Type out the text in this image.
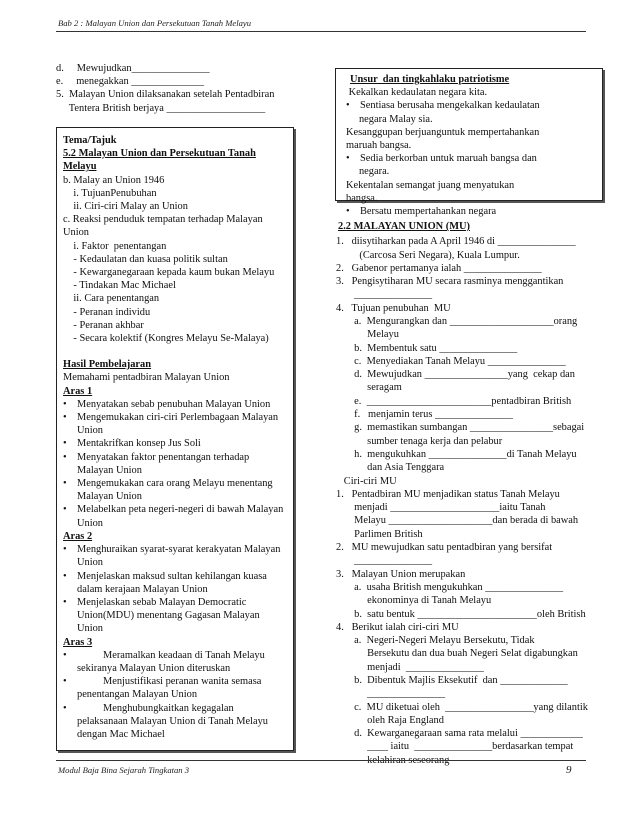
Bab 2 : Malayan Union dan Persekutuan Tanah Melayu
d.     Mewujudkan_______________
e.     menegakkan ______________
5.  Malayan Union dilaksanakan setelah Pentadbiran
Tentera British berjaya ___________________
Tema/Tajuk
5.2 Malayan Union dan Persekutuan Tanah
Melayu
b. Malay an Union 1946
i. TujuanPenubuhan
ii. Ciri-ciri Malay an Union
c. Reaksi penduduk tempatan terhadap Malayan
Union
i. Faktor  penentangan
- Kedaulatan dan kuasa politik sultan
- Kewarganegaraan kepada kaum bukan Melayu
- Tindakan Mac Michael
ii. Cara penentangan
- Peranan individu
- Peranan akhbar
- Secara kolektif (Kongres Melayu Se-Malaya)
Hasil Pembelajaran
Memahami pentadbiran Malayan Union
Aras 1
• Menyatakan sebab penubuhan Malayan Union
• Mengemukakan ciri-ciri Perlembagaan Malayan
Union
• Mentakrifkan konsep Jus Soli
• Menyatakan faktor penentangan terhadap
Malayan Union
• Mengemukakan cara orang Melayu menentang
Malayan Union
• Melabelkan peta negeri-negeri di bawah Malayan
Union
Aras 2
• Menghuraikan syarat-syarat kerakyatan Malayan
Union
• Menjelaskan maksud sultan kehilangan kuasa
dalam kerajaan Malayan Union
• Menjelaskan sebab Malayan Democratic
Union(MDU) menentang Gagasan Malayan
Union
Aras 3
•           Meramalkan keadaan di Tanah Melayu
sekiranya Malayan Union diteruskan
•           Menjustifikasi peranan wanita semasa
penentangan Malayan Union
•           Menghubungkaitkan kegagalan
pelaksanaan Malayan Union di Tanah Melayu
dengan Mac Michael
Unsur  dan tingkahlaku patriotisme
Kekalkan kedaulatan negara kita.
• Sentiasa berusaha mengekalkan kedaulatan
negara Malay sia.
Kesanggupan berjuanguntuk mempertahankan
maruah bangsa.
• Sedia berkorban untuk maruah bangsa dan
negara.
Kekentalan semangat juang menyatukan
bangsa.
• Bersatu mempertahankan negara
2.2 MALAYAN UNION (MU)
1.   diisytiharkan pada A April 1946 di _______________
(Carcosa Seri Negara), Kuala Lumpur.
2.   Gabenor pertamanya ialah _______________
3.   Pengisytiharan MU secara rasminya menggantikan
_______________
4.   Tujuan penubuhan  MU
a.  Mengurangkan dan ____________________orang
Melayu
b.  Membentuk satu _______________
c.  Menyediakan Tanah Melayu _______________
d.  Mewujudkan ________________yang  cekap dan
seragam
e.  ________________________pentadbiran British
f.   menjamin terus _______________
g.  memastikan sumbangan ________________sebagai
sumber tenaga kerja dan pelabur
h.  mengukuhkan _______________di Tanah Melayu
dan Asia Tenggara
Ciri-ciri MU
1.   Pentadbiran MU menjadikan status Tanah Melayu
menjadi _____________________iaitu Tanah
Melayu ____________________dan berada di bawah
Parlimen British
2.   MU mewujudkan satu pentadbiran yang bersifat
_______________
3.   Malayan Union merupakan
a.  usaha British mengukuhkan _______________
ekonominya di Tanah Melayu
b.  satu bentuk _______________________oleh British
4.   Berikut ialah ciri-ciri MU
a.  Negeri-Negeri Melayu Bersekutu, Tidak
Bersekutu dan dua buah Negeri Selat digabungkan
menjadi  _______________
b.  Dibentuk Majlis Eksekutif  dan _____________
_______________
c.  MU diketuai oleh  _________________yang dilantik
oleh Raja England
d.  Kewarganegaraan sama rata melalui ____________
____ iaitu  _______________berdasarkan tempat
kelahiran seseorang
Modul Baja Bina Sejarah Tingkatan 3	9
